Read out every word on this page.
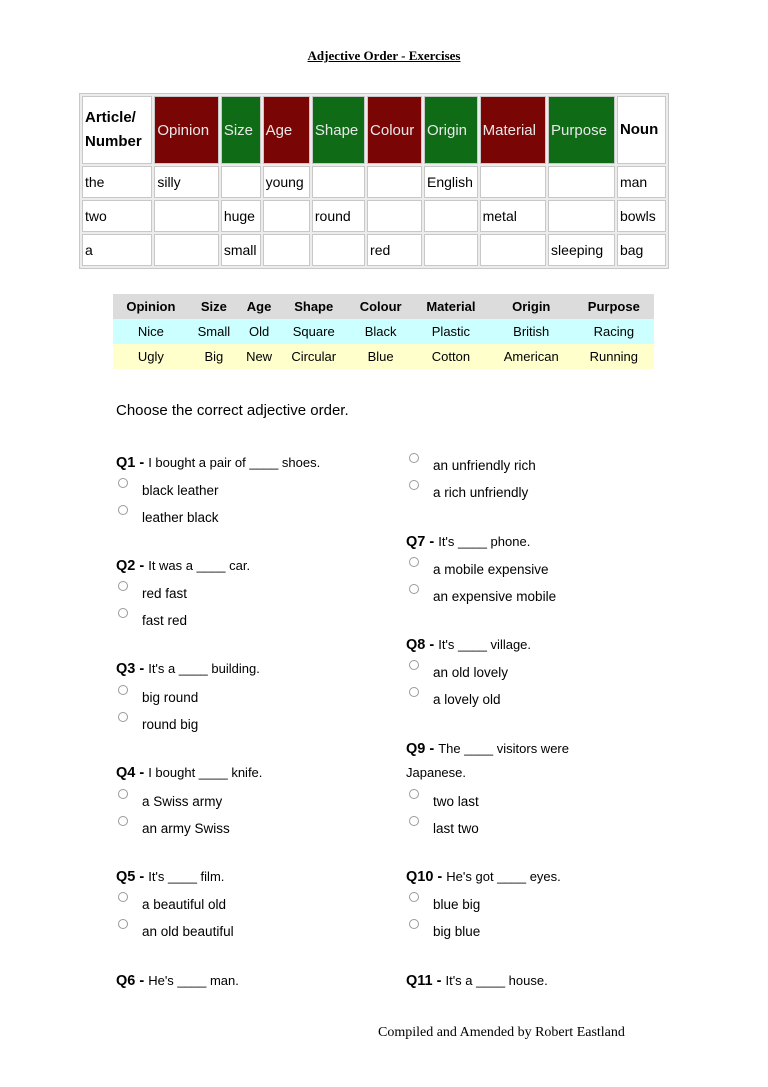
Adjective Order - Exercises
Article/
Number	Opinion	Size	Age	Shape	Colour	Origin	Material	Purpose	Noun
the	silly		young			English			man
two		huge		round			metal		bowls
a		small			red			sleeping	bag
Opinion	Size	Age	Shape	Colour	Material	Origin	Purpose
Nice	Small	Old	Square	Black	Plastic	British	Racing
Ugly	Big	New	Circular	Blue	Cotton	American	Running
Choose the correct adjective order.
Q1 - I bought a pair of ____ shoes.
black leather
leather black
Q2 - It was a ____ car.
red fast
fast red
Q3 - It's a ____ building.
big round
round big
Q4 - I bought ____ knife.
a Swiss army
an army Swiss
Q5 - It's ____ film.
a beautiful old
an old beautiful
Q6 - He's ____ man.
an unfriendly rich
a rich unfriendly
Q7 - It's ____ phone.
a mobile expensive
an expensive mobile
Q8 - It's ____ village.
an old lovely
a lovely old
Q9 - The ____ visitors were Japanese.
two last
last two
Q10 - He's got ____ eyes.
blue big
big blue
Q11 - It's a ____ house.
Compiled and Amended by Robert Eastland
